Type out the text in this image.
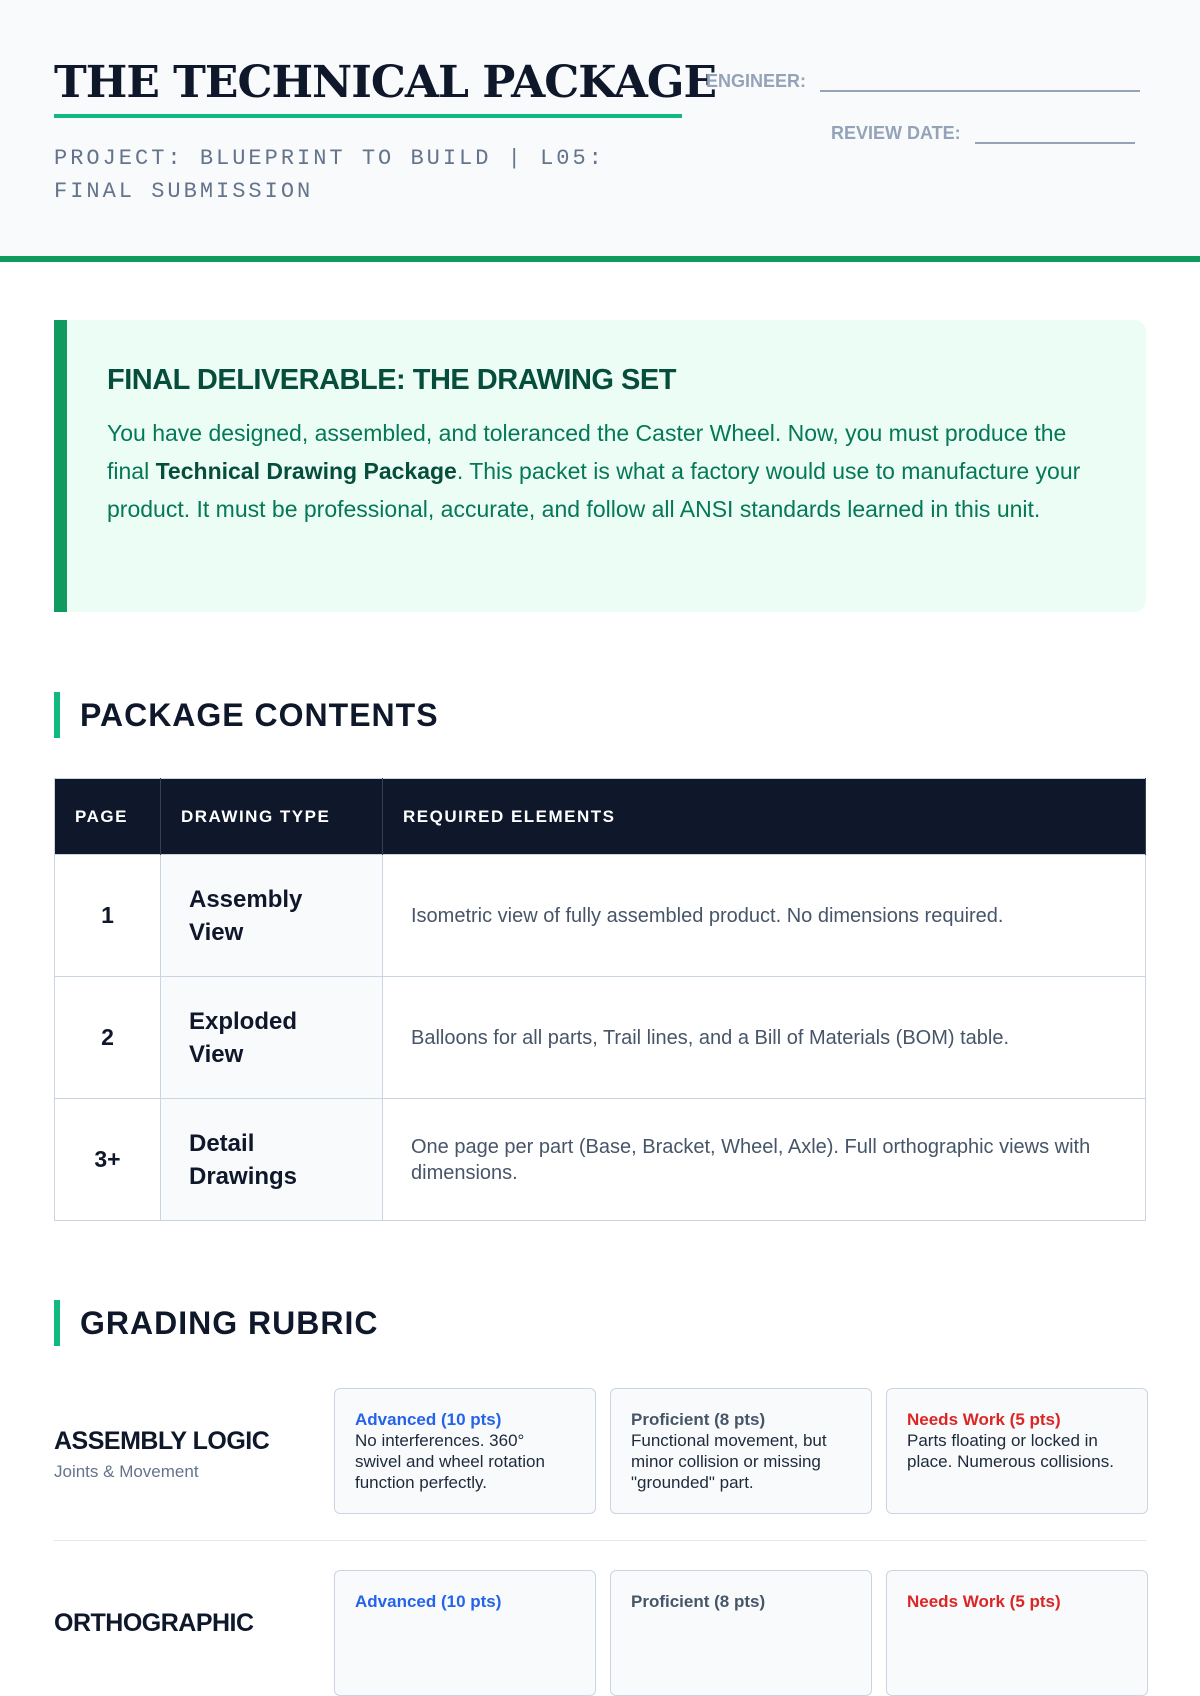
THE TECHNICAL PACKAGE
PROJECT: BLUEPRINT TO BUILD | L05: FINAL SUBMISSION
ENGINEER:
REVIEW DATE:
FINAL DELIVERABLE: THE DRAWING SET

You have designed, assembled, and toleranced the Caster Wheel. Now, you must produce the final Technical Drawing Package. This packet is what a factory would use to manufacture your product. It must be professional, accurate, and follow all ANSI standards learned in this unit.

PACKAGE CONTENTS
PAGE	DRAWING TYPE	REQUIRED ELEMENTS
1	Assembly View	Isometric view of fully assembled product. No dimensions required.
2	Exploded View	Balloons for all parts, Trail lines, and a Bill of Materials (BOM) table.
3+	Detail Drawings	One page per part (Base, Bracket, Wheel, Axle). Full orthographic views with dimensions.
GRADING RUBRIC
ASSEMBLY LOGIC
Joints & Movement
Advanced (10 pts)
No interferences. 360° swivel and wheel rotation function perfectly.
Proficient (8 pts)
Functional movement, but minor collision or missing "grounded" part.
Needs Work (5 pts)
Parts floating or locked in place. Numerous collisions.
ORTHOGRAPHIC
Advanced (10 pts)	Proficient (8 pts)	Needs Work (5 pts)
